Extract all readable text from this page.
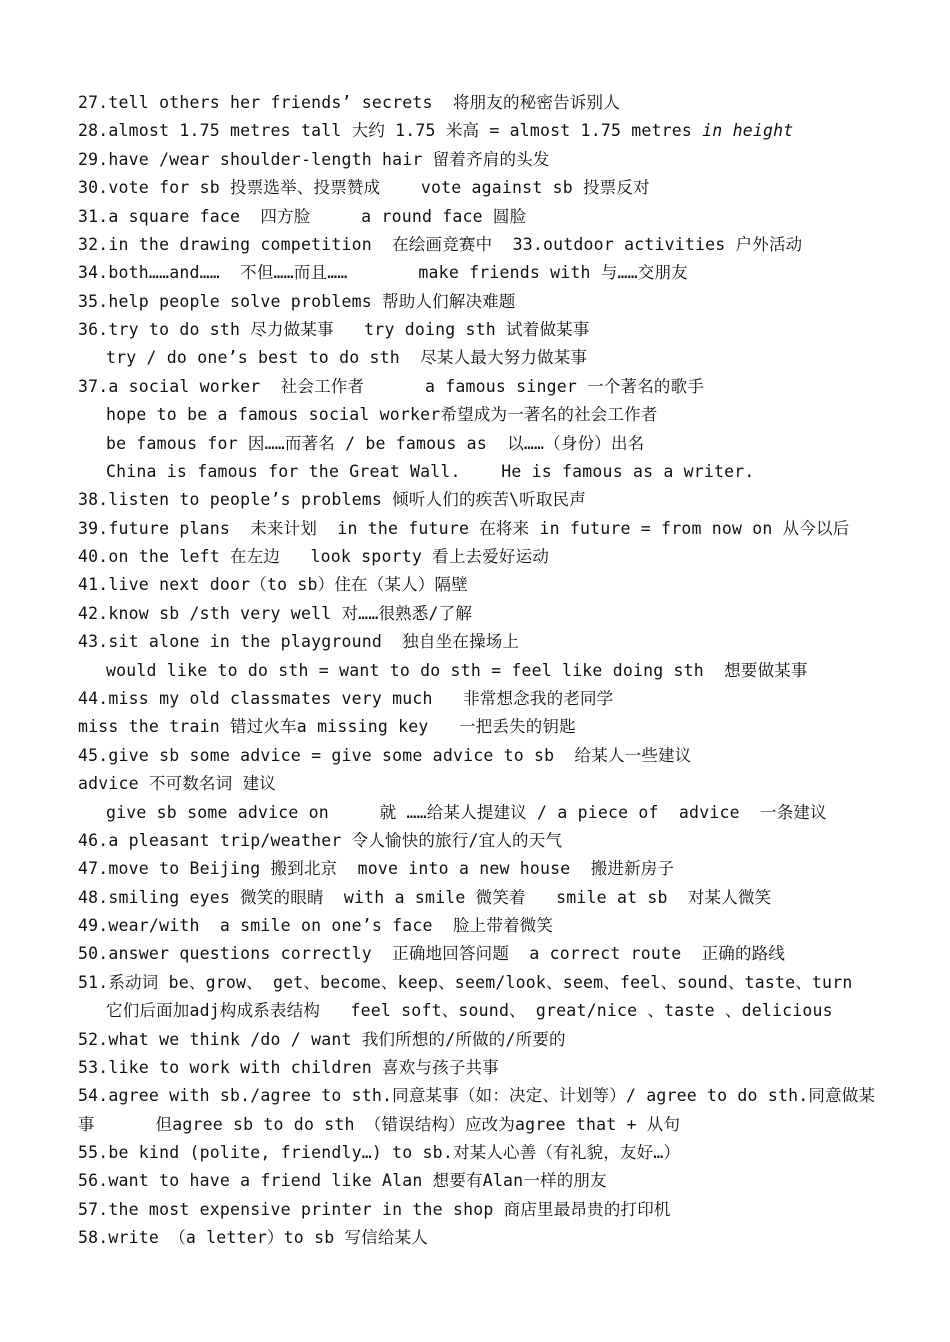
27.tell others her friends’ secrets  将朋友的秘密告诉别人
28.almost 1.75 metres tall 大约 1.75 米高 = almost 1.75 metres in height
29.have /wear shoulder-length hair 留着齐肩的头发
30.vote for sb 投票选举、投票赞成    vote against sb 投票反对
31.a square face  四方脸     a round face 圆脸
32.in the drawing competition  在绘画竞赛中  33.outdoor activities 户外活动
34.both……and……  不但……而且……       make friends with 与……交朋友
35.help people solve problems 帮助人们解决难题
36.try to do sth 尽力做某事   try doing sth 试着做某事
try / do one’s best to do sth  尽某人最大努力做某事
37.a social worker  社会工作者      a famous singer 一个著名的歌手
hope to be a famous social worker希望成为一著名的社会工作者
be famous for 因……而著名 / be famous as  以……（身份）出名
China is famous for the Great Wall.    He is famous as a writer.
38.listen to people’s problems 倾听人们的疾苦\听取民声
39.future plans  未来计划  in the future 在将来 in future = from now on 从今以后
40.on the left 在左边   look sporty 看上去爱好运动
41.live next door（to sb）住在（某人）隔壁
42.know sb /sth very well 对……很熟悉/了解
43.sit alone in the playground  独自坐在操场上
would like to do sth = want to do sth = feel like doing sth  想要做某事
44.miss my old classmates very much   非常想念我的老同学
miss the train 错过火车a missing key   一把丢失的钥匙
45.give sb some advice = give some advice to sb  给某人一些建议
advice 不可数名词 建议
give sb some advice on     就 ……给某人提建议 / a piece of  advice  一条建议
46.a pleasant trip/weather 令人愉快的旅行/宜人的天气
47.move to Beijing 搬到北京  move into a new house  搬进新房子
48.smiling eyes 微笑的眼睛  with a smile 微笑着   smile at sb  对某人微笑
49.wear/with  a smile on one’s face  脸上带着微笑
50.answer questions correctly  正确地回答问题  a correct route  正确的路线
51.系动词 be、grow、 get、become、keep、seem/look、seem、feel、sound、taste、turn
它们后面加adj构成系表结构   feel soft、sound、 great/nice 、taste 、delicious
52.what we think /do / want 我们所想的/所做的/所要的
53.like to work with children 喜欢与孩子共事
54.agree with sb./agree to sth.同意某事（如：决定、计划等）/ agree to do sth.同意做某
事      但agree sb to do sth （错误结构）应改为agree that + 从句
55.be kind (polite, friendly…) to sb.对某人心善（有礼貌，友好…）
56.want to have a friend like Alan 想要有Alan一样的朋友
57.the most expensive printer in the shop 商店里最昂贵的打印机
58.write （a letter）to sb 写信给某人
